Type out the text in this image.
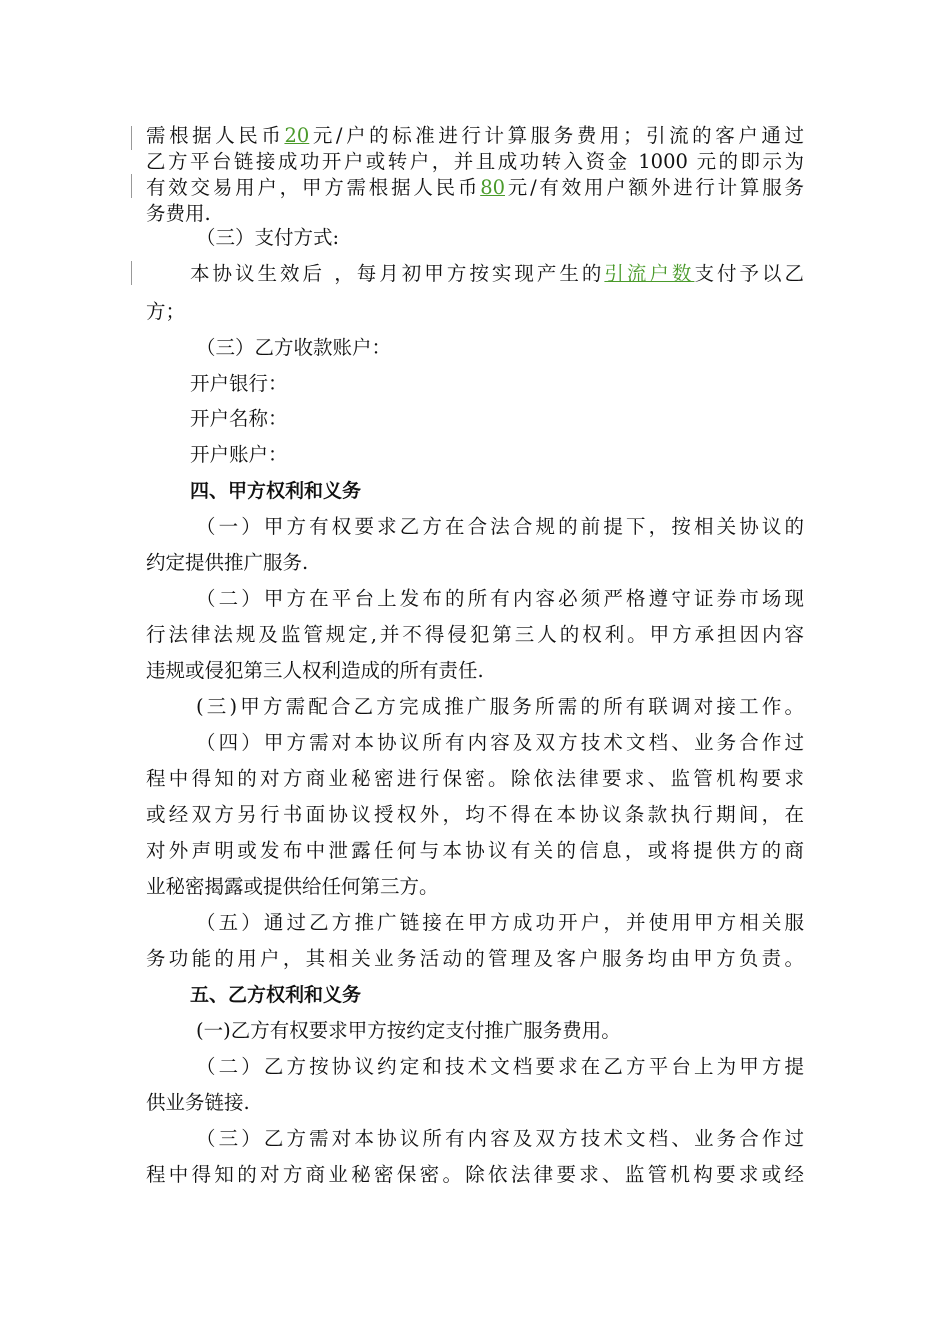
需根据人民币20元/户的标准进行计算服务费用；引流的客户通过
乙方平台链接成功开户或转户，并且成功转入资金 1000 元的即示为
有效交易用户，甲方需根据人民币80元/有效用户额外进行计算服务
务费用.
（三）支付方式:
本协议生效后 ，每月初甲方按实现产生的引流户数支付予以乙
方；
（三）乙方收款账户：
开户银行：
开户名称：
开户账户：
四、甲方权利和义务
（一）甲方有权要求乙方在合法合规的前提下，按相关协议的
约定提供推广服务.
（二）甲方在平台上发布的所有内容必须严格遵守证券市场现
行法律法规及监管规定,并不得侵犯第三人的权利。甲方承担因内容
违规或侵犯第三人权利造成的所有责任.
(三)甲方需配合乙方完成推广服务所需的所有联调对接工作。
（四）甲方需对本协议所有内容及双方技术文档、业务合作过
程中得知的对方商业秘密进行保密。除依法律要求、监管机构要求
或经双方另行书面协议授权外，均不得在本协议条款执行期间，在
对外声明或发布中泄露任何与本协议有关的信息，或将提供方的商
业秘密揭露或提供给任何第三方。
（五）通过乙方推广链接在甲方成功开户，并使用甲方相关服
务功能的用户，其相关业务活动的管理及客户服务均由甲方负责。
五、乙方权利和义务
(一)乙方有权要求甲方按约定支付推广服务费用。
（二）乙方按协议约定和技术文档要求在乙方平台上为甲方提
供业务链接.
（三）乙方需对本协议所有内容及双方技术文档、业务合作过
程中得知的对方商业秘密保密。除依法律要求、监管机构要求或经
